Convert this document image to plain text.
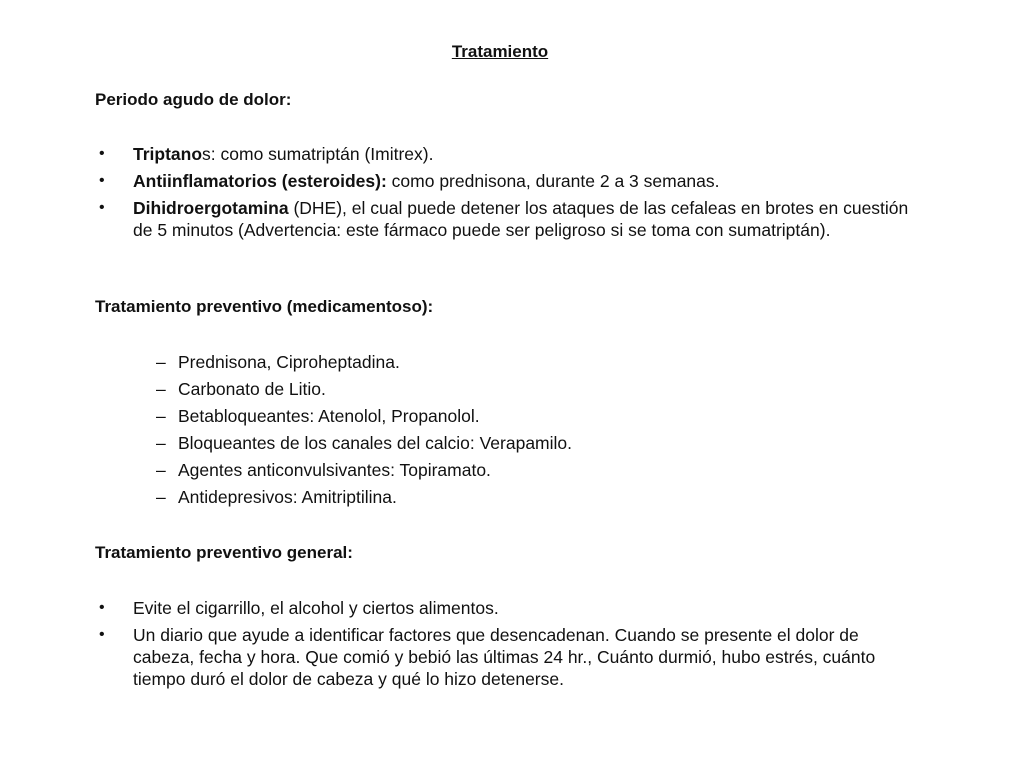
Tratamiento
Periodo agudo de dolor:
• Triptanos: como sumatriptán (Imitrex).
• Antiinflamatorios (esteroides): como prednisona, durante 2 a 3 semanas.
• Dihidroergotamina (DHE), el cual puede detener los ataques de las cefaleas en brotes en cuestión de 5 minutos (Advertencia: este fármaco puede ser peligroso si se toma con sumatriptán).
Tratamiento preventivo (medicamentoso):
– Prednisona, Ciproheptadina.
– Carbonato de Litio.
– Betabloqueantes: Atenolol, Propanolol.
– Bloqueantes de los canales del calcio: Verapamilo.
– Agentes anticonvulsivantes: Topiramato.
– Antidepresivos: Amitriptilina.
Tratamiento preventivo general:
• Evite el cigarrillo, el alcohol y ciertos alimentos.
• Un diario que ayude a identificar factores que desencadenan. Cuando se presente el dolor de cabeza, fecha y hora. Que comió y bebió las últimas 24 hr., Cuánto durmió, hubo estrés, cuánto tiempo duró el dolor de cabeza y qué lo hizo detenerse.
